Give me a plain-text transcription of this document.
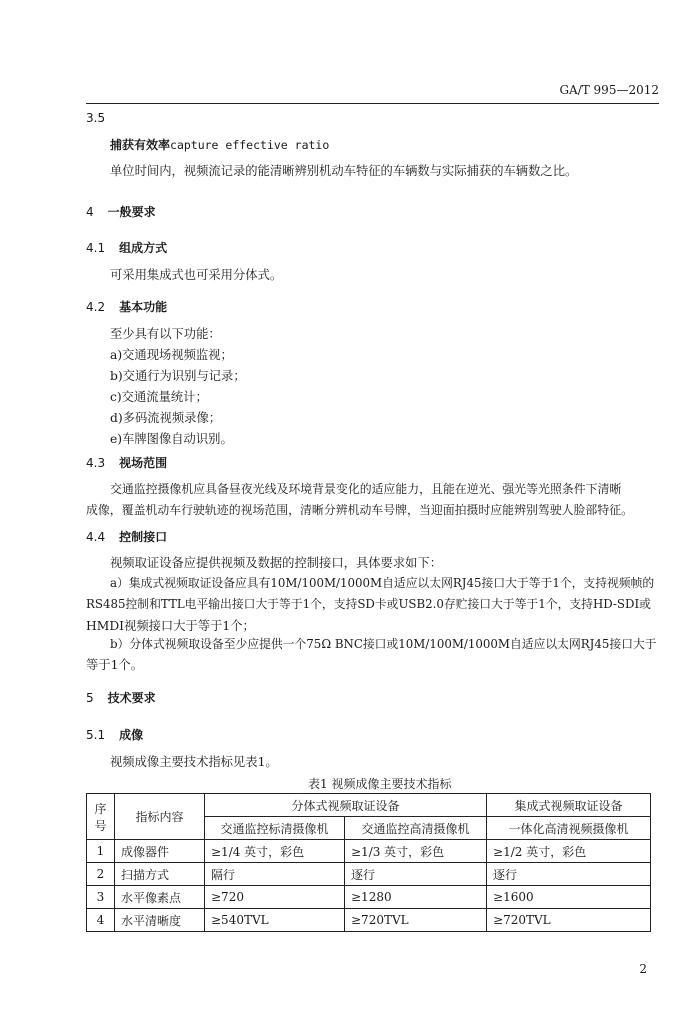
GA/T 995—2012
3.5
捕获有效率capture effective ratio
单位时间内，视频流记录的能清晰辨别机动车特征的车辆数与实际捕获的车辆数之比。
4 一般要求
4.1 组成方式
可采用集成式也可采用分体式。
4.2 基本功能
至少具有以下功能：
a)交通现场视频监视；
b)交通行为识别与记录；
c)交通流量统计；
d)多码流视频录像；
e)车牌图像自动识别。
4.3 视场范围
交通监控摄像机应具备昼夜光线及环境背景变化的适应能力，且能在逆光、强光等光照条件下清晰
成像，覆盖机动车行驶轨迹的视场范围，清晰分辨机动车号牌，当迎面拍摄时应能辨别驾驶人脸部特征。
4.4 控制接口
视频取证设备应提供视频及数据的控制接口，具体要求如下：
a）集成式视频取证设备应具有10M/100M/1000M自适应以太网RJ45接口大于等于1个，支持视频帧的
RS485控制和TTL电平输出接口大于等于1个，支持SD卡或USB2.0存贮接口大于等于1个，支持HD-SDI或
HMDI视频接口大于等于1个；
b）分体式视频取设备至少应提供一个75Ω BNC接口或10M/100M/1000M自适应以太网RJ45接口大于
等于1个。
5 技术要求
5.1 成像
视频成像主要技术指标见表1。
表1 视频成像主要技术指标
序号	指标内容	分体式视频取证设备		集成式视频取证设备
		交通监控标清摄像机	交通监控高清摄像机	一体化高清视频摄像机
1	成像器件	≥1/4 英寸，彩色	≥1/3 英寸，彩色	≥1/2 英寸，彩色
2	扫描方式	隔行	逐行	逐行
3	水平像素点	≥720	≥1280	≥1600
4	水平清晰度	≥540TVL	≥720TVL	≥720TVL
2
